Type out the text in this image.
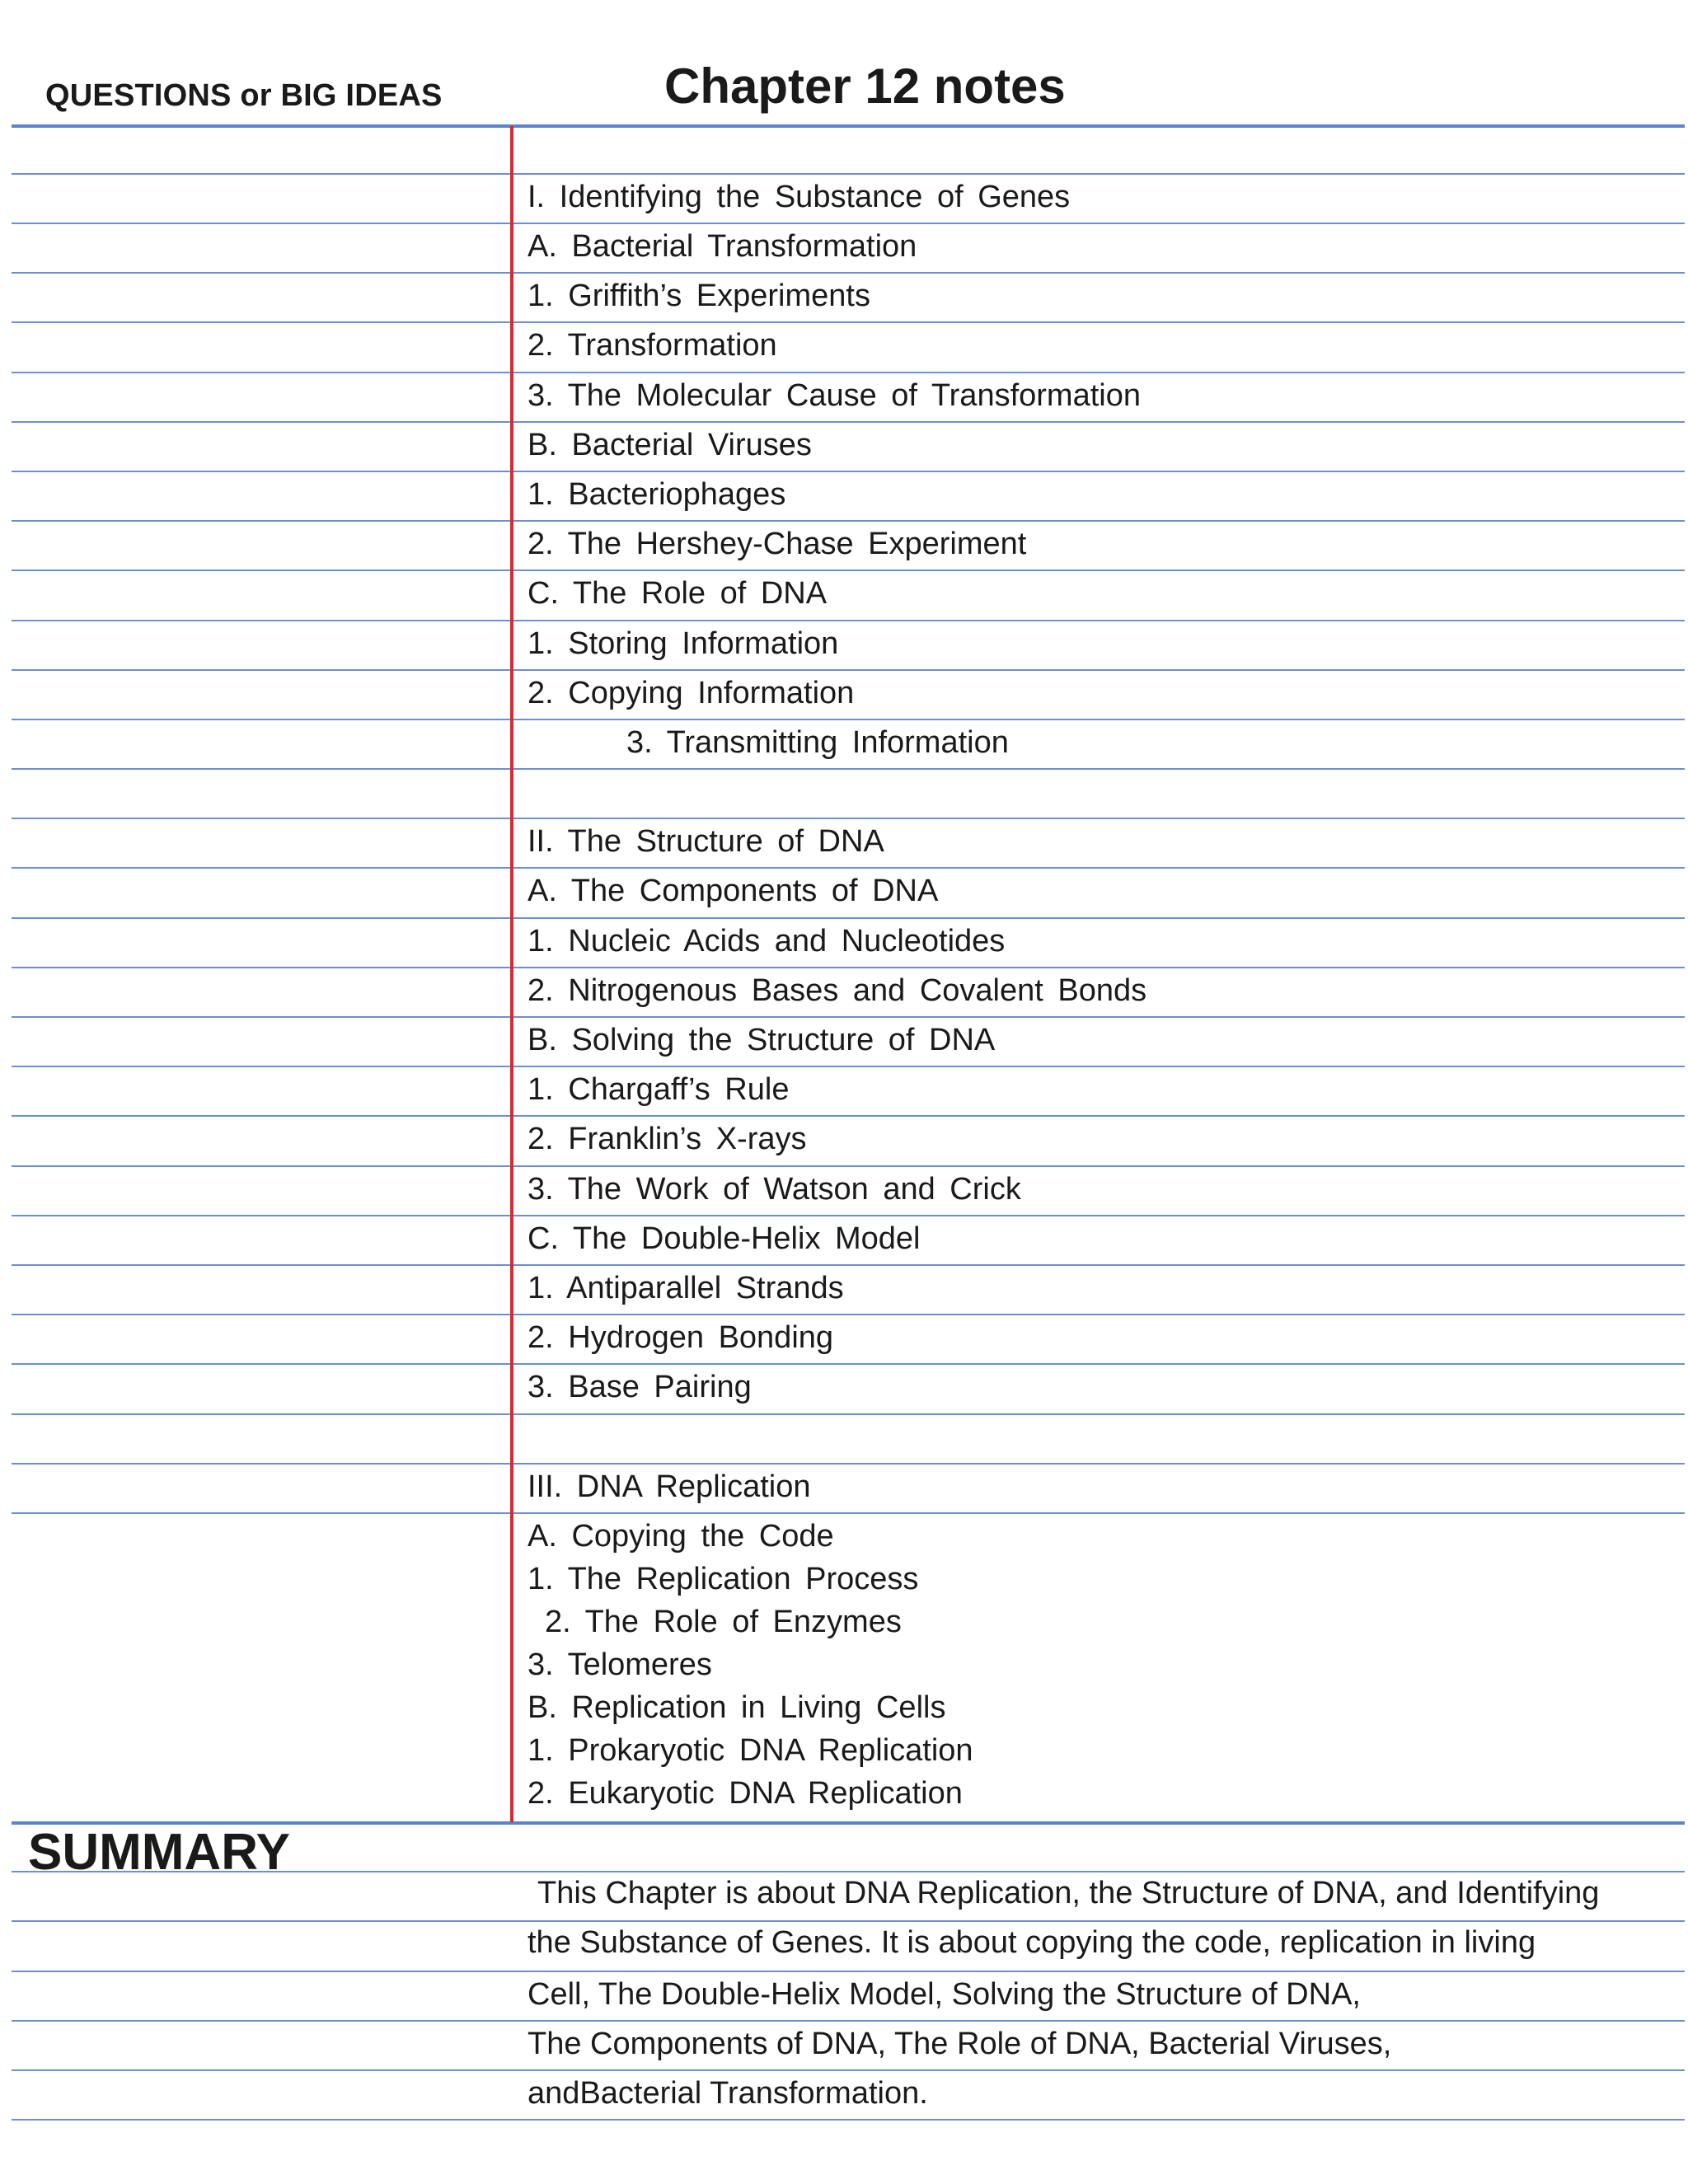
QUESTIONS or BIG IDEAS	Chapter 12 notes
I. Identifying the Substance of Genes
A. Bacterial Transformation
1. Griffith’s Experiments
2. Transformation
3. The Molecular Cause of Transformation
B. Bacterial Viruses
1. Bacteriophages
2. The Hershey-Chase Experiment
C. The Role of DNA
1. Storing Information
2. Copying Information
3. Transmitting Information
II. The Structure of DNA
A. The Components of DNA
1. Nucleic Acids and Nucleotides
2. Nitrogenous Bases and Covalent Bonds
B. Solving the Structure of DNA
1. Chargaff’s Rule
2. Franklin’s X-rays
3. The Work of Watson and Crick
C. The Double-Helix Model
1. Antiparallel Strands
2. Hydrogen Bonding
3. Base Pairing
III. DNA Replication
A. Copying the Code
1. The Replication Process
2. The Role of Enzymes
3. Telomeres
B. Replication in Living Cells
1. Prokaryotic DNA Replication
2. Eukaryotic DNA Replication
SUMMARY
This Chapter is about DNA Replication, the Structure of DNA, and Identifying
the Substance of Genes. It is about copying the code, replication in living
Cell, The Double-Helix Model, Solving the Structure of DNA,
The Components of DNA, The Role of DNA, Bacterial Viruses,
andBacterial Transformation.
